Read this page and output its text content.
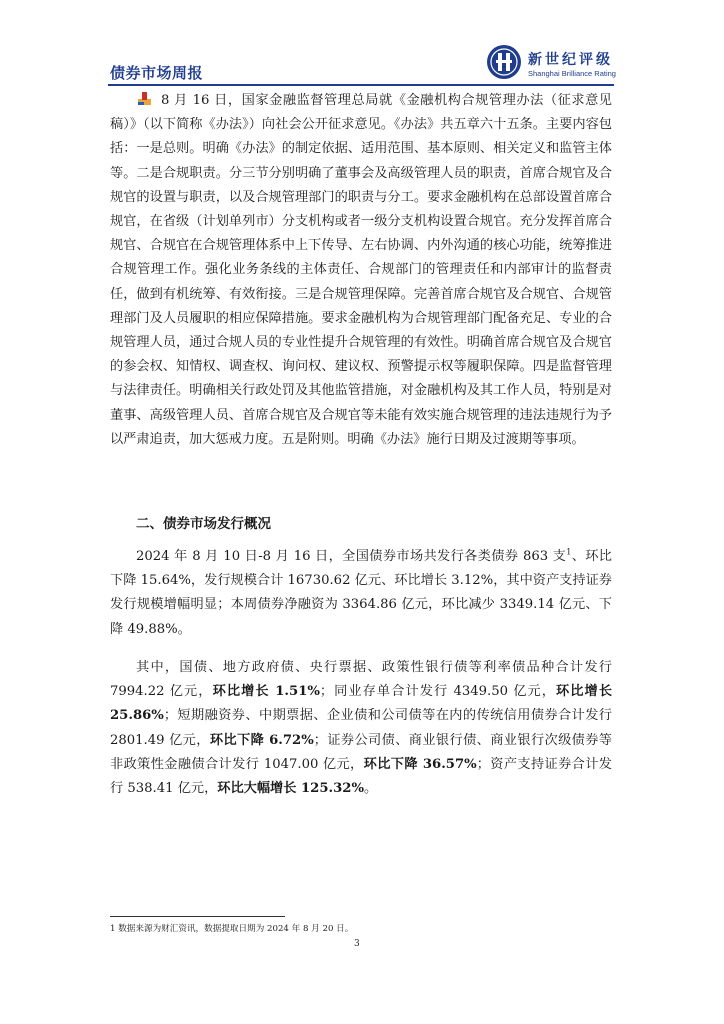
债券市场周报
新世纪评级
Shanghai Brilliance Rating

8 月 16 日，国家金融监督管理总局就《金融机构合规管理办法（征求意见稿）》（以下简称《办法》）向社会公开征求意见。《办法》共五章六十五条。主要内容包括：一是总则。明确《办法》的制定依据、适用范围、基本原则、相关定义和监管主体等。二是合规职责。分三节分别明确了董事会及高级管理人员的职责，首席合规官及合规官的设置与职责，以及合规管理部门的职责与分工。要求金融机构在总部设置首席合规官，在省级（计划单列市）分支机构或者一级分支机构设置合规官。充分发挥首席合规官、合规官在合规管理体系中上下传导、左右协调、内外沟通的核心功能，统筹推进合规管理工作。强化业务条线的主体责任、合规部门的管理责任和内部审计的监督责任，做到有机统筹、有效衔接。三是合规管理保障。完善首席合规官及合规官、合规管理部门及人员履职的相应保障措施。要求金融机构为合规管理部门配备充足、专业的合规管理人员，通过合规人员的专业性提升合规管理的有效性。明确首席合规官及合规官的参会权、知情权、调查权、询问权、建议权、预警提示权等履职保障。四是监督管理与法律责任。明确相关行政处罚及其他监管措施，对金融机构及其工作人员，特别是对董事、高级管理人员、首席合规官及合规官等未能有效实施合规管理的违法违规行为予以严肃追责，加大惩戒力度。五是附则。明确《办法》施行日期及过渡期等事项。

二、债券市场发行概况

2024 年 8 月 10 日-8 月 16 日，全国债券市场共发行各类债券 863 支$^1$、环比下降 15.64%，发行规模合计 16730.62 亿元、环比增长 3.12%，其中资产支持证券发行规模增幅明显；本周债券净融资为 3364.86 亿元，环比减少 3349.14 亿元、下降 49.88%。

其中，国债、地方政府债、央行票据、政策性银行债等利率债品种合计发行 7994.22 亿元，环比增长 1.51%；同业存单合计发行 4349.50 亿元，环比增长 25.86%；短期融资券、中期票据、企业债和公司债等在内的传统信用债券合计发行 2801.49 亿元，环比下降 6.72%；证券公司债、商业银行债、商业银行次级债券等非政策性金融债合计发行 1047.00 亿元，环比下降 36.57%；资产支持证券合计发行 538.41 亿元，环比大幅增长 125.32%。

1 数据来源为财汇资讯，数据提取日期为 2024 年 8 月 20 日。
3
